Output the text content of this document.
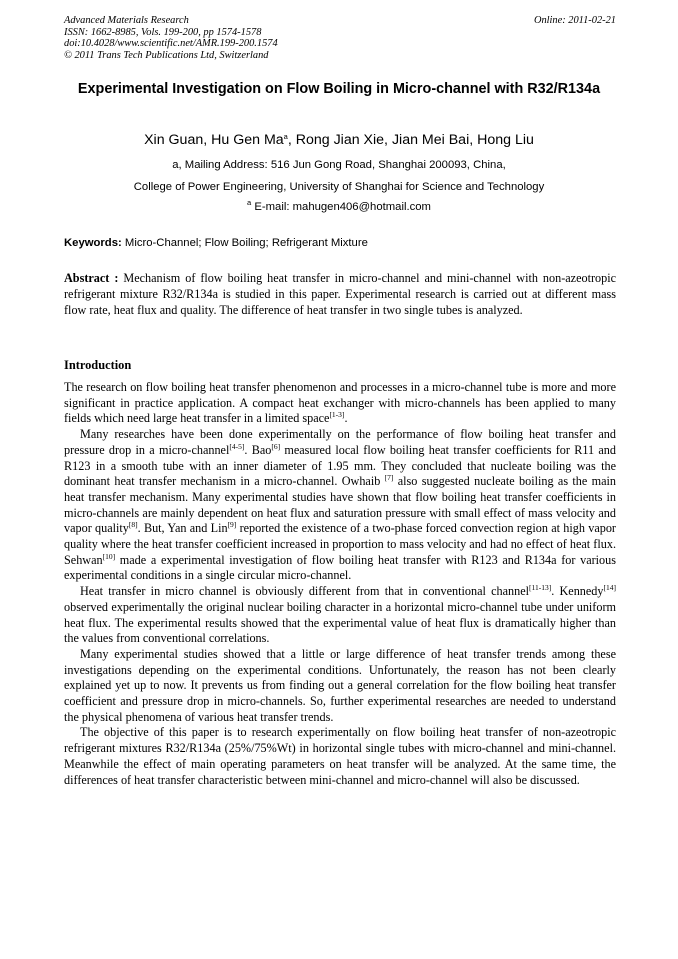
Advanced Materials Research
ISSN: 1662-8985, Vols. 199-200, pp 1574-1578
doi:10.4028/www.scientific.net/AMR.199-200.1574
© 2011 Trans Tech Publications Ltd, Switzerland
Online: 2011-02-21
Experimental Investigation on Flow Boiling in Micro-channel with R32/R134a
Xin Guan, Hu Gen Ma$^a$, Rong Jian Xie, Jian Mei Bai, Hong Liu
a, Mailing Address: 516 Jun Gong Road, Shanghai 200093, China,
College of Power Engineering, University of Shanghai for Science and Technology
$^a$ E-mail: mahugen406@hotmail.com
Keywords: Micro-Channel; Flow Boiling; Refrigerant Mixture
Abstract : Mechanism of flow boiling heat transfer in micro-channel and mini-channel with non-azeotropic refrigerant mixture R32/R134a is studied in this paper. Experimental research is carried out at different mass flow rate, heat flux and quality. The difference of heat transfer in two single tubes is analyzed.
Introduction

The research on flow boiling heat transfer phenomenon and processes in a micro-channel tube is more and more significant in practice application. A compact heat exchanger with micro-channels has been applied to many fields which need large heat transfer in a limited space[1-3].

Many researches have been done experimentally on the performance of flow boiling heat transfer and pressure drop in a micro-channel[4-5]. Bao[6] measured local flow boiling heat transfer coefficients for R11 and R123 in a smooth tube with an inner diameter of 1.95 mm. They concluded that nucleate boiling was the dominant heat transfer mechanism in a micro-channel. Owhaib [7] also suggested nucleate boiling as the main heat transfer mechanism. Many experimental studies have shown that flow boiling heat transfer coefficients in micro-channels are mainly dependent on heat flux and saturation pressure with small effect of mass velocity and vapor quality[8]. But, Yan and Lin[9] reported the existence of a two-phase forced convection region at high vapor quality where the heat transfer coefficient increased in proportion to mass velocity and had no effect of heat flux. Sehwan[10] made a experimental investigation of flow boiling heat transfer with R123 and R134a for various experimental conditions in a single circular micro-channel.

Heat transfer in micro channel is obviously different from that in conventional channel[11-13]. Kennedy[14] observed experimentally the original nuclear boiling character in a horizontal micro-channel tube under uniform heat flux. The experimental results showed that the experimental value of heat flux is dramatically higher than the values from conventional correlations.

Many experimental studies showed that a little or large difference of heat transfer trends among these investigations depending on the experimental conditions. Unfortunately, the reason has not been clearly explained yet up to now. It prevents us from finding out a general correlation for the flow boiling heat transfer coefficient and pressure drop in micro-channels. So, further experimental researches are needed to understand the physical phenomena of various heat transfer trends.

The objective of this paper is to research experimentally on flow boiling heat transfer of non-azeotropic refrigerant mixtures R32/R134a (25%/75%Wt) in horizontal single tubes with micro-channel and mini-channel. Meanwhile the effect of main operating parameters on heat transfer will be analyzed. At the same time, the differences of heat transfer characteristic between mini-channel and micro-channel will also be discussed.
